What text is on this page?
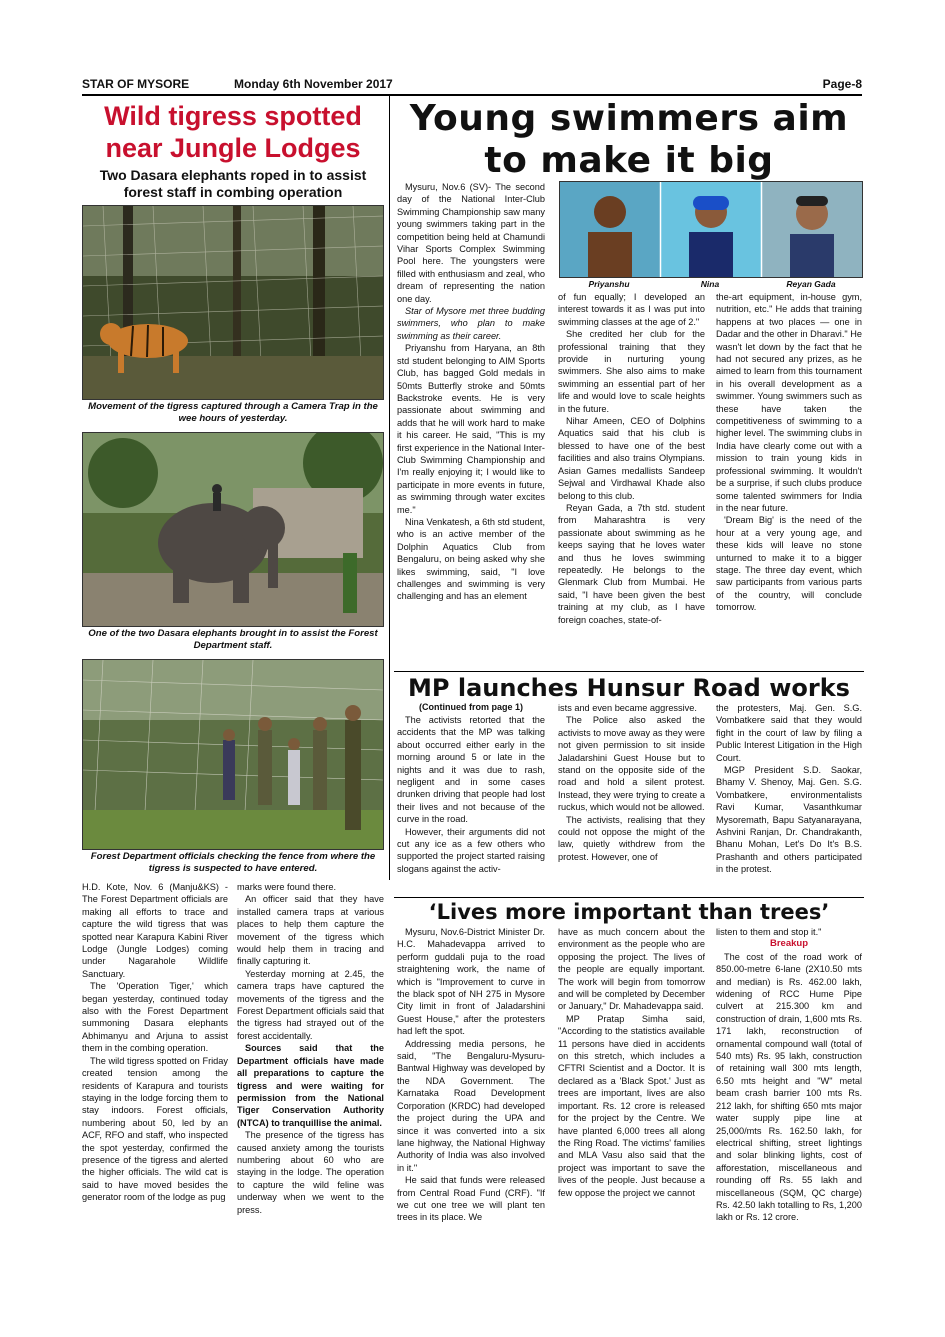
STAR OF MYSORE	Monday 6th November 2017	Page-8
Wild tigress spotted near Jungle Lodges
Two Dasara elephants roped in to assist forest staff in combing operation
Movement of the tigress captured through a Camera Trap in the wee hours of yesterday.
One of the two Dasara elephants brought in to assist the Forest Department staff.
Forest Department officials checking the fence from where the tigress is suspected to have entered.

H.D. Kote, Nov. 6 (Manju&KS) - The Forest Department officials are making all efforts to trace and capture the wild tigress that was spotted near Karapura Kabini River Lodge (Jungle Lodges) coming under Nagarahole Wildlife Sanctuary.

The 'Operation Tiger,' which began yesterday, continued today also with the Forest Department summoning Dasara elephants Abhimanyu and Arjuna to assist them in the combing operation.

The wild tigress spotted on Friday created tension among the residents of Karapura and tourists staying in the lodge forcing them to stay indoors. Forest officials, numbering about 50, led by an ACF, RFO and staff, who inspected the spot yesterday, confirmed the presence of the tigress and alerted the higher officials. The wild cat is said to have moved besides the generator room of the lodge as pug

marks were found there.

An officer said that they have installed camera traps at various places to help them capture the movement of the tigress which would help them in tracing and finally capturing it.

Yesterday morning at 2.45, the camera traps have captured the movements of the tigress and the Forest Department officials said that the tigress had strayed out of the forest accidentally.

Sources said that the Department officials have made all preparations to capture the tigress and were waiting for permission from the National Tiger Conservation Authority (NTCA) to tranquillise the animal.

The presence of the tigress has caused anxiety among the tourists numbering about 60 who are staying in the lodge. The operation to capture the wild feline was underway when we went to the press.

Young swimmers aim to make it big
Priyanshu	Nina	Reyan Gada

Mysuru, Nov.6 (SV)- The second day of the National Inter-Club Swimming Championship saw many young swimmers taking part in the competition being held at Chamundi Vihar Sports Complex Swimming Pool here. The youngsters were filled with enthusiasm and zeal, who dream of representing the nation one day.

Star of Mysore met three budding swimmers, who plan to make swimming as their career.

Priyanshu from Haryana, an 8th std student belonging to AIM Sports Club, has bagged Gold medals in 50mts Butterfly stroke and 50mts Backstroke events. He is very passionate about swimming and adds that he will work hard to make it his career. He said, "This is my first experience in the National Inter-Club Swimming Championship and I'm really enjoying it; I would like to participate in more events in future, as swimming through water excites me."

Nina Venkatesh, a 6th std student, who is an active member of the Dolphin Aquatics Club from Bengaluru, on being asked why she likes swimming, said, "I love challenges and swimming is very challenging and has an element

of fun equally; I developed an interest towards it as I was put into swimming classes at the age of 2."

She credited her club for the professional training that they provide in nurturing young swimmers. She also aims to make swimming an essential part of her life and would love to scale heights in the future.

Nihar Ameen, CEO of Dolphins Aquatics said that his club is blessed to have one of the best facilities and also trains Olympians. Asian Games medallists Sandeep Sejwal and Virdhawal Khade also belong to this club.

Reyan Gada, a 7th std. student from Maharashtra is very passionate about swimming as he keeps saying that he loves water and thus he loves swimming repeatedly. He belongs to the Glenmark Club from Mumbai. He said, "I have been given the best training at my club, as I have foreign coaches, state-of-

the-art equipment, in-house gym, nutrition, etc." He adds that training happens at two places — one in Dadar and the other in Dharavi." He wasn't let down by the fact that he had not secured any prizes, as he aimed to learn from this tournament in his overall development as a swimmer. Young swimmers such as these have taken the competitiveness of swimming to a higher level. The swimming clubs in India have clearly come out with a mission to train young kids in professional swimming. It wouldn't be a surprise, if such clubs produce some talented swimmers for India in the near future.

'Dream Big' is the need of the hour at a very young age, and these kids will leave no stone unturned to make it to a bigger stage. The three day event, which saw participants from various parts of the country, will conclude tomorrow.

MP launches Hunsur Road works
(Continued from page 1)

The activists retorted that the accidents that the MP was talking about occurred either early in the morning around 5 or late in the nights and it was due to rash, negligent and in some cases drunken driving that people had lost their lives and not because of the curve in the road.

However, their arguments did not cut any ice as a few others who supported the project started raising slogans against the activ-

ists and even became aggressive.

The Police also asked the activists to move away as they were not given permission to sit inside Jaladarshini Guest House but to stand on the opposite side of the road and hold a silent protest. Instead, they were trying to create a ruckus, which would not be allowed.

The activists, realising that they could not oppose the might of the law, quietly withdrew from the protest. However, one of

the protesters, Maj. Gen. S.G. Vombatkere said that they would fight in the court of law by filing a Public Interest Litigation in the High Court.

MGP President S.D. Saokar, Bhamy V. Shenoy, Maj. Gen. S.G. Vombatkere, environmentalists Ravi Kumar, Vasanthkumar Mysoremath, Bapu Satyanarayana, Ashvini Ranjan, Dr. Chandrakanth, Bhanu Mohan, Let's Do It's B.S. Prashanth and others participated in the protest.

‘Lives more important than trees’

Mysuru, Nov.6-District Minister Dr. H.C. Mahadevappa arrived to perform guddali puja to the road straightening work, the name of which is "Improvement to curve in the black spot of NH 275 in Mysore City limit in front of Jaladarshini Guest House," after the protesters had left the spot.

Addressing media persons, he said, "The Bengaluru-Mysuru-Bantwal Highway was developed by the NDA Government. The Karnataka Road Development Corporation (KRDC) had developed the project during the UPA and since it was converted into a six lane highway, the National Highway Authority of India was also involved in it."

He said that funds were released from Central Road Fund (CRF). "If we cut one tree we will plant ten trees in its place. We

have as much concern about the environment as the people who are opposing the project. The lives of the people are equally important. The work will begin from tomorrow and will be completed by December or January," Dr. Mahadevappa said.

MP Pratap Simha said, "According to the statistics available 11 persons have died in accidents on this stretch, which includes a CFTRI Scientist and a Doctor. It is declared as a 'Black Spot.' Just as trees are important, lives are also important. Rs. 12 crore is released for the project by the Centre. We have planted 6,000 trees all along the Ring Road. The victims' families and MLA Vasu also said that the project was important to save the lives of the people. Just because a few oppose the project we cannot

listen to them and stop it."

Breakup

The cost of the road work of 850.00-metre 6-lane (2X10.50 mts and median) is Rs. 462.00 lakh, widening of RCC Hume Pipe culvert at 215.300 km and construction of drain, 1,600 mts Rs. 171 lakh, reconstruction of ornamental compound wall (total of 540 mts) Rs. 95 lakh, construction of retaining wall 300 mts length, 6.50 mts height and "W" metal beam crash barrier 100 mts Rs. 212 lakh, for shifting 650 mts major water supply pipe line at 25,000/mts Rs. 162.50 lakh, for electrical shifting, street lightings and solar blinking lights, cost of afforestation, miscellaneous and rounding off Rs. 55 lakh and miscellaneous (SQM, QC charge) Rs. 42.50 lakh totalling to Rs, 1,200 lakh or Rs. 12 crore.
